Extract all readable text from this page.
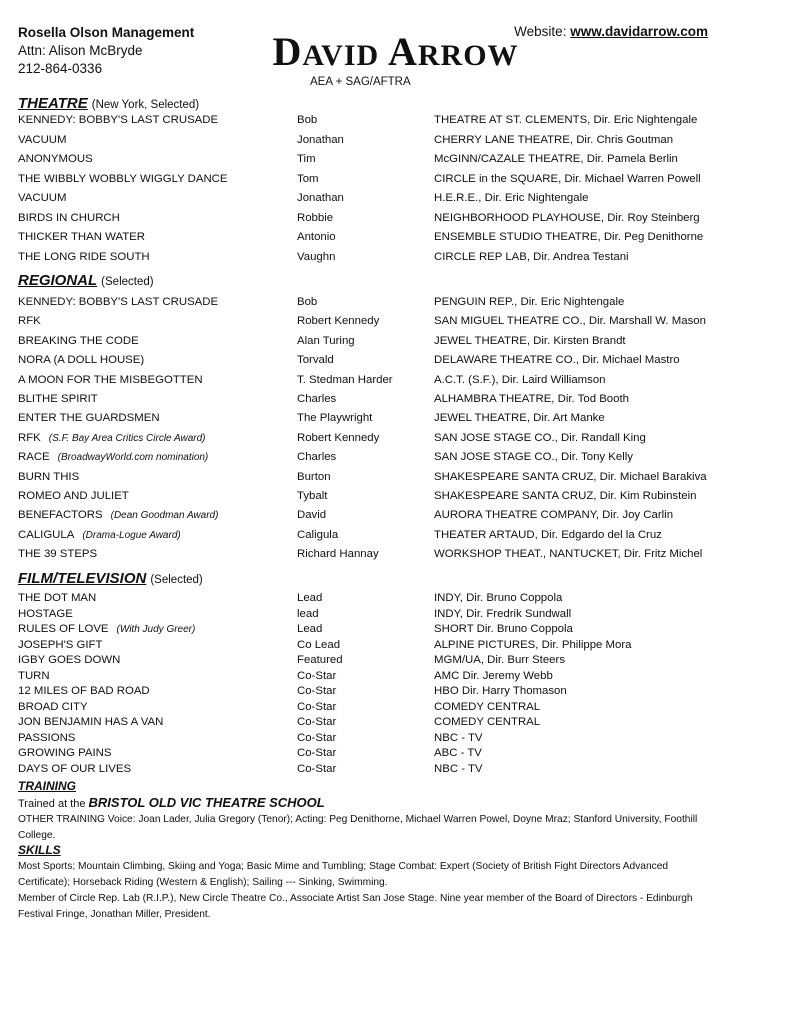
Rosella Olson Management
Attn: Alison McBryde
212-864-0336
Website: www.davidarrow.com
DAVID ARROW
AEA + SAG/AFTRA
THEATRE (New York, Selected)
KENNEDY: BOBBY'S LAST CRUSADE	Bob	THEATRE AT ST. CLEMENTS, Dir. Eric Nightengale
VACUUM	Jonathan	CHERRY LANE THEATRE, Dir. Chris Goutman
ANONYMOUS	Tim	McGINN/CAZALE THEATRE, Dir. Pamela Berlin
THE WIBBLY WOBBLY WIGGLY DANCE	Tom	CIRCLE in the SQUARE, Dir. Michael Warren Powell
VACUUM	Jonathan	H.E.R.E., Dir. Eric Nightengale
BIRDS IN CHURCH	Robbie	NEIGHBORHOOD PLAYHOUSE, Dir. Roy Steinberg
THICKER THAN WATER	Antonio	ENSEMBLE STUDIO THEATRE, Dir. Peg Denithorne
THE LONG RIDE SOUTH	Vaughn	CIRCLE REP LAB, Dir. Andrea Testani
REGIONAL (Selected)
KENNEDY: BOBBY'S LAST CRUSADE	Bob	PENGUIN REP., Dir. Eric Nightengale
RFK	Robert Kennedy	SAN MIGUEL THEATRE CO., Dir. Marshall W. Mason
BREAKING THE CODE	Alan Turing	JEWEL THEATRE, Dir. Kirsten Brandt
NORA (A DOLL HOUSE)	Torvald	DELAWARE THEATRE CO., Dir. Michael Mastro
A MOON FOR THE MISBEGOTTEN	T. Stedman Harder	A.C.T. (S.F.), Dir. Laird Williamson
BLITHE SPIRIT	Charles	ALHAMBRA THEATRE, Dir. Tod Booth
ENTER THE GUARDSMEN	The Playwright	JEWEL THEATRE, Dir. Art Manke
RFK (S.F. Bay Area Critics Circle Award)	Robert Kennedy	SAN JOSE STAGE CO., Dir. Randall King
RACE (BroadwayWorld.com nomination)	Charles	SAN JOSE STAGE CO., Dir. Tony Kelly
BURN THIS	Burton	SHAKESPEARE SANTA CRUZ, Dir. Michael Barakiva
ROMEO AND JULIET	Tybalt	SHAKESPEARE SANTA CRUZ, Dir. Kim Rubinstein
BENEFACTORS (Dean Goodman Award)	David	AURORA THEATRE COMPANY, Dir. Joy Carlin
CALIGULA (Drama-Logue Award)	Caligula	THEATER ARTAUD, Dir. Edgardo del la Cruz
THE 39 STEPS	Richard Hannay	WORKSHOP THEAT., NANTUCKET, Dir. Fritz Michel
FILM/TELEVISION (Selected)
THE DOT MAN	Lead	INDY, Dir. Bruno Coppola
HOSTAGE	lead	INDY, Dir. Fredrik Sundwall
RULES OF LOVE (With Judy Greer)	Lead	SHORT Dir. Bruno Coppola
JOSEPH'S GIFT	Co Lead	ALPINE PICTURES, Dir. Philippe Mora
IGBY GOES DOWN	Featured	MGM/UA, Dir. Burr Steers
TURN	Co-Star	AMC Dir. Jeremy Webb
12 MILES OF BAD ROAD	Co-Star	HBO Dir. Harry Thomason
BROAD CITY	Co-Star	COMEDY CENTRAL
JON BENJAMIN HAS A VAN	Co-Star	COMEDY CENTRAL
PASSIONS	Co-Star	NBC - TV
GROWING PAINS	Co-Star	ABC - TV
DAYS OF OUR LIVES	Co-Star	NBC - TV
TRAINING
Trained at the BRISTOL OLD VIC THEATRE SCHOOL
OTHER TRAINING Voice: Joan Lader, Julia Gregory (Tenor); Acting: Peg Denithorne, Michael Warren Powel, Doyne Mraz; Stanford University, Foothill College.
SKILLS
Most Sports; Mountain Climbing, Skiing and Yoga; Basic Mime and Tumbling; Stage Combat: Expert (Society of British Fight Directors Advanced Certificate); Horseback Riding (Western & English); Sailing --- Sinking, Swimming.
Member of Circle Rep. Lab (R.I.P.), New Circle Theatre Co., Associate Artist San Jose Stage. Nine year member of the Board of Directors - Edinburgh Festival Fringe, Jonathan Miller, President.
